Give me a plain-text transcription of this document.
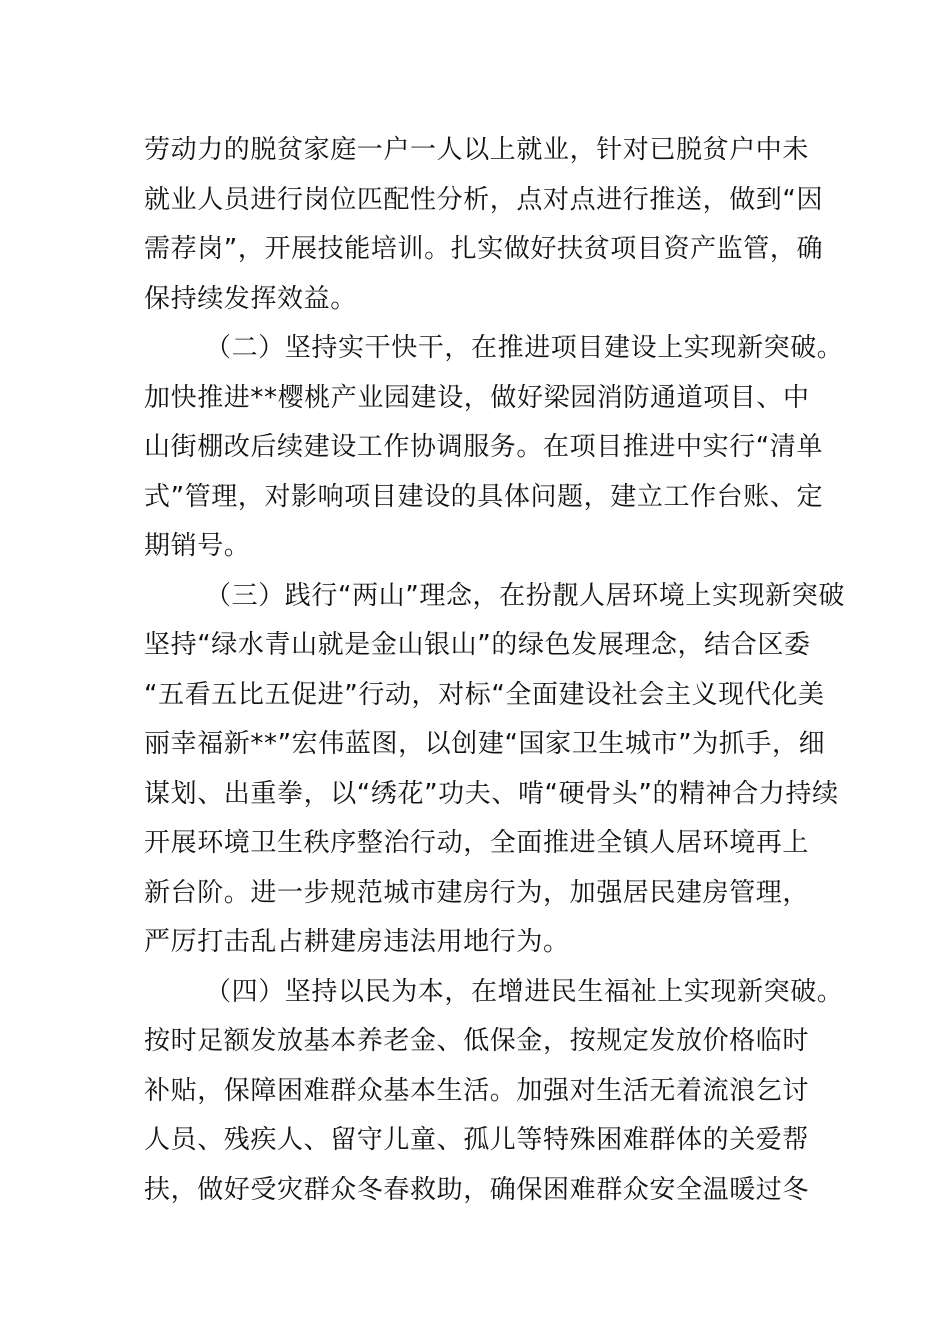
劳动力的脱贫家庭一户一人以上就业，针对已脱贫户中未
就业人员进行岗位匹配性分析，点对点进行推送，做到“因
需荐岗”，开展技能培训。扎实做好扶贫项目资产监管，确
保持续发挥效益。
（二）坚持实干快干，在推进项目建设上实现新突破。
加快推进**樱桃产业园建设，做好梁园消防通道项目、中
山街棚改后续建设工作协调服务。在项目推进中实行“清单
式”管理，对影响项目建设的具体问题，建立工作台账、定
期销号。
（三）践行“两山”理念，在扮靓人居环境上实现新突破
坚持“绿水青山就是金山银山”的绿色发展理念，结合区委
“五看五比五促进”行动，对标“全面建设社会主义现代化美
丽幸福新**”宏伟蓝图，以创建“国家卫生城市”为抓手，细
谋划、出重拳，以“绣花”功夫、啃“硬骨头”的精神合力持续
开展环境卫生秩序整治行动，全面推进全镇人居环境再上
新台阶。进一步规范城市建房行为，加强居民建房管理，
严厉打击乱占耕建房违法用地行为。
（四）坚持以民为本，在增进民生福祉上实现新突破。
按时足额发放基本养老金、低保金，按规定发放价格临时
补贴，保障困难群众基本生活。加强对生活无着流浪乞讨
人员、残疾人、留守儿童、孤儿等特殊困难群体的关爱帮
扶，做好受灾群众冬春救助，确保困难群众安全温暖过冬
